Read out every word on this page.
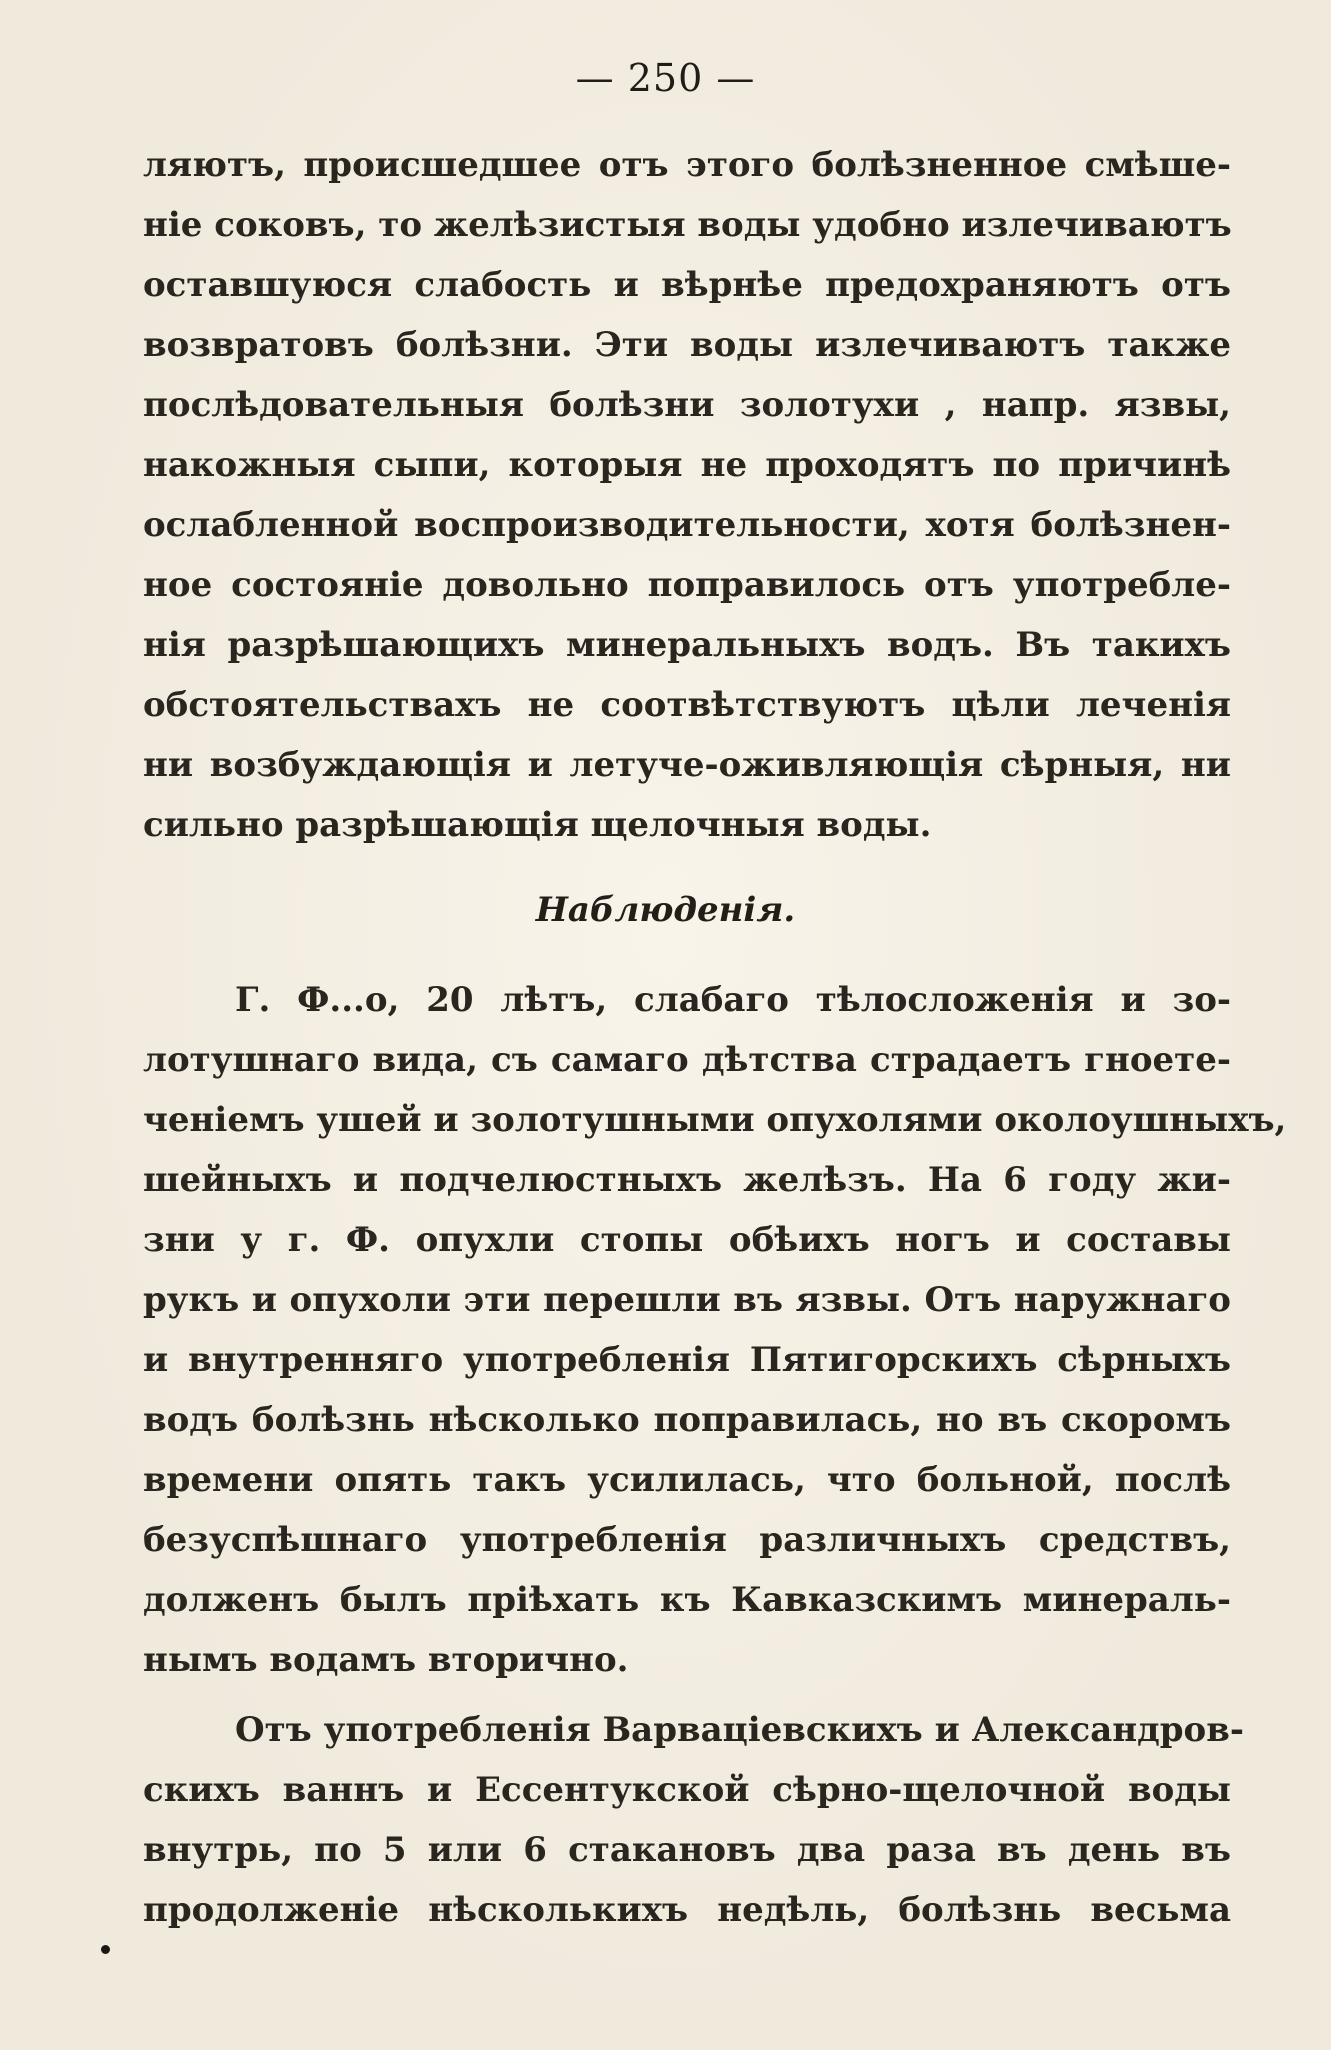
— 250 —
ляютъ, происшедшее отъ этого болѣзненное смѣше-
ніе соковъ, то желѣзистыя воды удобно излечиваютъ
оставшуюся слабость и вѣрнѣе предохраняютъ отъ
возвратовъ болѣзни. Эти воды излечиваютъ также
послѣдовательныя болѣзни золотухи , напр. язвы,
накожныя сыпи, которыя не проходятъ по причинѣ
ослабленной воспроизводительности, хотя болѣзнен-
ное состояніе довольно поправилось отъ употребле-
нія разрѣшающихъ минеральныхъ водъ. Въ такихъ
обстоятельствахъ не соотвѣтствуютъ цѣли леченія
ни возбуждающія и летуче-оживляющія сѣрныя, ни
сильно разрѣшающія щелочныя воды.
Наблюденія.
Г. Ф...о, 20 лѣтъ, слабаго тѣлосложенія и зо-
лотушнаго вида, съ самаго дѣтства страдаетъ гноете-
ченіемъ ушей и золотушными опухолями околоушныхъ,
шейныхъ и подчелюстныхъ желѣзъ. На 6 году жи-
зни у г. Ф. опухли стопы обѣихъ ногъ и составы
рукъ и опухоли эти перешли въ язвы. Отъ наружнаго
и внутренняго употребленія Пятигорскихъ сѣрныхъ
водъ болѣзнь нѣсколько поправилась, но въ скоромъ
времени опять такъ усилилась, что больной, послѣ
безуспѣшнаго употребленія различныхъ средствъ,
долженъ былъ пріѣхать къ Кавказскимъ минераль-
нымъ водамъ вторично.
Отъ употребленія Варваціевскихъ и Александров-
скихъ ваннъ и Ессентукской сѣрно-щелочной воды
внутрь, по 5 или 6 стакановъ два раза въ день въ
продолженіе нѣсколькихъ недѣль, болѣзнь весьма
